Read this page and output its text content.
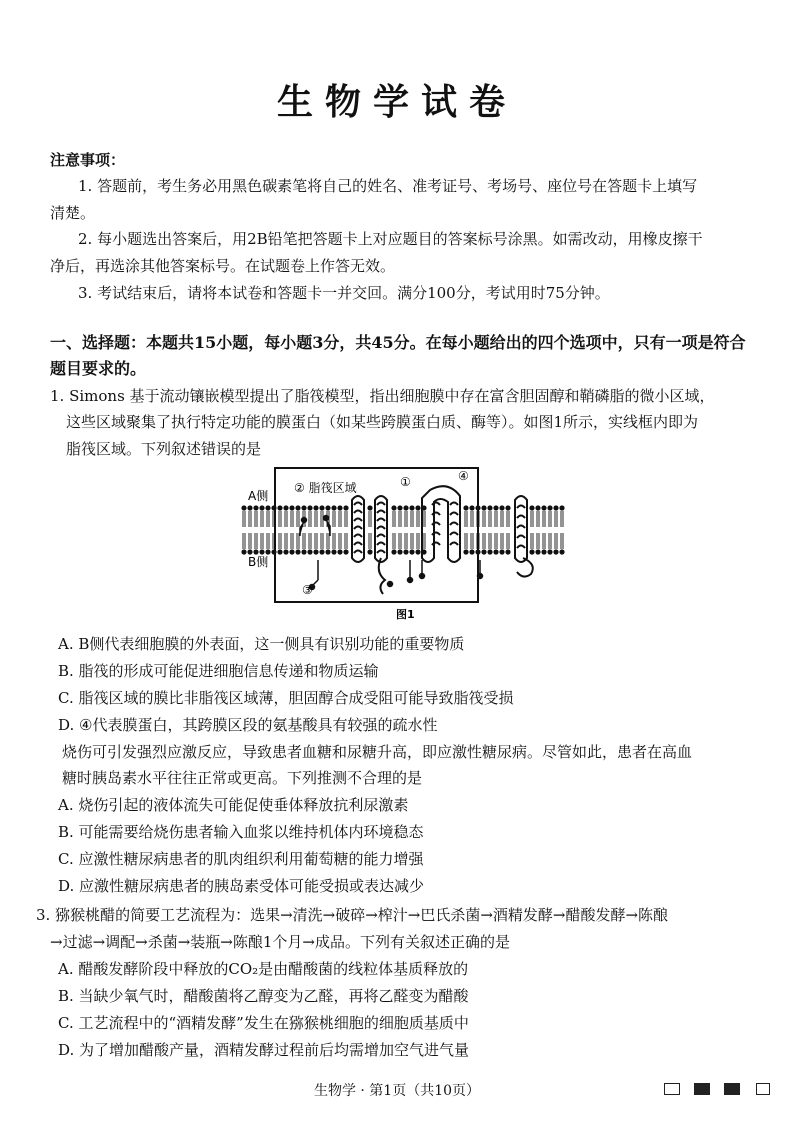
生物学试卷
注意事项：
1. 答题前，考生务必用黑色碳素笔将自己的姓名、准考证号、考场号、座位号在答题卡上填写
清楚。
2. 每小题选出答案后，用2B铅笔把答题卡上对应题目的答案标号涂黑。如需改动，用橡皮擦干
净后，再选涂其他答案标号。在试题卷上作答无效。
3. 考试结束后，请将本试卷和答题卡一并交回。满分100分，考试用时75分钟。
一、选择题：本题共15小题，每小题3分，共45分。在每小题给出的四个选项中，只有一项是符合
题目要求的。
1. Simons 基于流动镶嵌模型提出了脂筏模型，指出细胞膜中存在富含胆固醇和鞘磷脂的微小区域，
这些区域聚集了执行特定功能的膜蛋白（如某些跨膜蛋白质、酶等）。如图1所示，实线框内即为
脂筏区域。下列叙述错误的是
A侧
B侧
② 脂筏区域	①	④
③
图1
A. B侧代表细胞膜的外表面，这一侧具有识别功能的重要物质
B. 脂筏的形成可能促进细胞信息传递和物质运输
C. 脂筏区域的膜比非脂筏区域薄，胆固醇合成受阻可能导致脂筏受损
D. ④代表膜蛋白，其跨膜区段的氨基酸具有较强的疏水性
烧伤可引发强烈应激反应，导致患者血糖和尿糖升高，即应激性糖尿病。尽管如此，患者在高血
糖时胰岛素水平往往正常或更高。下列推测不合理的是
A. 烧伤引起的液体流失可能促使垂体释放抗利尿激素
B. 可能需要给烧伤患者输入血浆以维持机体内环境稳态
C. 应激性糖尿病患者的肌肉组织利用葡萄糖的能力增强
D. 应激性糖尿病患者的胰岛素受体可能受损或表达减少
3. 猕猴桃醋的简要工艺流程为：选果→清洗→破碎→榨汁→巴氏杀菌→酒精发酵→醋酸发酵→陈酿
→过滤→调配→杀菌→装瓶→陈酿1个月→成品。下列有关叙述正确的是
A. 醋酸发酵阶段中释放的CO₂是由醋酸菌的线粒体基质释放的
B. 当缺少氧气时，醋酸菌将乙醇变为乙醛，再将乙醛变为醋酸
C. 工艺流程中的“酒精发酵”发生在猕猴桃细胞的细胞质基质中
D. 为了增加醋酸产量，酒精发酵过程前后均需增加空气进气量
生物学 · 第1页（共10页）
